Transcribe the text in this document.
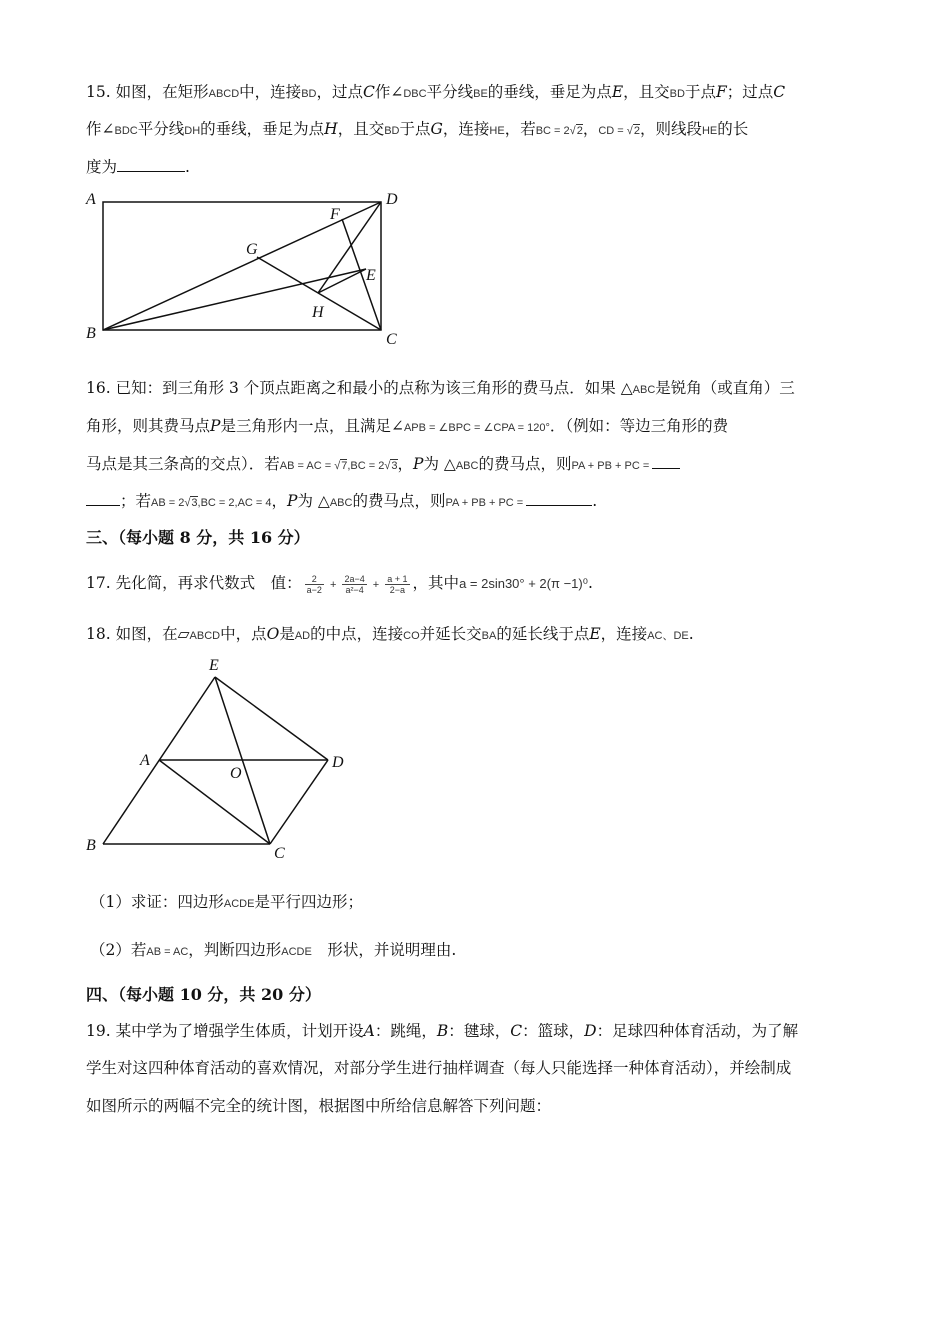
15. 如图，在矩形ABCD中，连接BD，过点C作∠DBC平分线BE的垂线，垂足为点E，且交BD于点F；过点C
作∠BDC平分线DH的垂线，垂足为点H，且交BD于点G，连接HE，若BC = 2√2，CD = √2，则线段HE的长
度为	.
A	D
B	C
F
G
E
H
16. 已知：到三角形 3 个顶点距离之和最小的点称为该三角形的费马点．如果 △ABC是锐角（或直角）三
角形，则其费马点P是三角形内一点，且满足∠APB = ∠BPC = ∠CPA = 120°．（例如：等边三角形的费
马点是其三条高的交点）．若AB = AC = √7,BC = 2√3，P为 △ABC的费马点，则PA + PB + PC =
；若AB = 2√3,BC = 2,AC = 4，P为 △ABC的费马点，则PA + PB + PC =	.
三、（每小题 8 分，共 16 分）
17. 先化简，再求代数式　值： $\frac{2}{a-2} + \frac{2a-4}{\text{a²−4}} + \frac{a + 1}{2-a}$ ，其中a = 2sin30° + 2(π −1)⁰.
18. 如图，在▱ABCD中，点O是AD的中点，连接CO并延长交BA的延长线于点E，连接AC、DE.
E
A
O
D
B	C
（1）求证：四边形ACDE是平行四边形；
（2）若AB = AC，判断四边形ACDE　形状，并说明理由.
四、（每小题 10 分，共 20 分）
19. 某中学为了增强学生体质，计划开设A：跳绳，B：毽球，C：篮球，D：足球四种体育活动，为了解
学生对这四种体育活动的喜欢情况，对部分学生进行抽样调查（每人只能选择一种体育活动），并绘制成
如图所示的两幅不完全的统计图，根据图中所给信息解答下列问题：
